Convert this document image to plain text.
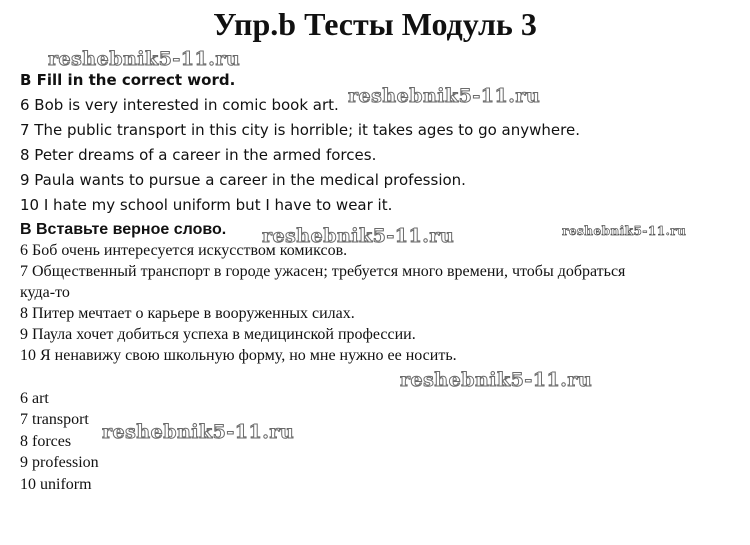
Упр.b Тесты Модуль 3
reshebnik5-11.ru
reshebnik5-11.ru
reshebnik5-11.ru	reshebnik5-11.ru
reshebnik5-11.ru
reshebnik5-11.ru
B Fill in the correct word.
6 Bob is very interested in comic book art.
7 The public transport in this city is horrible; it takes ages to go anywhere.
8 Peter dreams of a career in the armed forces.
9 Paula wants to pursue a career in the medical profession.
10 I hate my school uniform but I have to wear it.
В Вставьте верное слово.
6 Боб очень интересуется искусством комиксов.
7 Общественный транспорт в городе ужасен; требуется много времени, чтобы добраться
куда-то
8 Питер мечтает о карьере в вооруженных силах.
9 Паула хочет добиться успеха в медицинской профессии.
10 Я ненавижу свою школьную форму, но мне нужно ее носить.
6 art
7 transport
8 forces
9 profession
10 uniform
